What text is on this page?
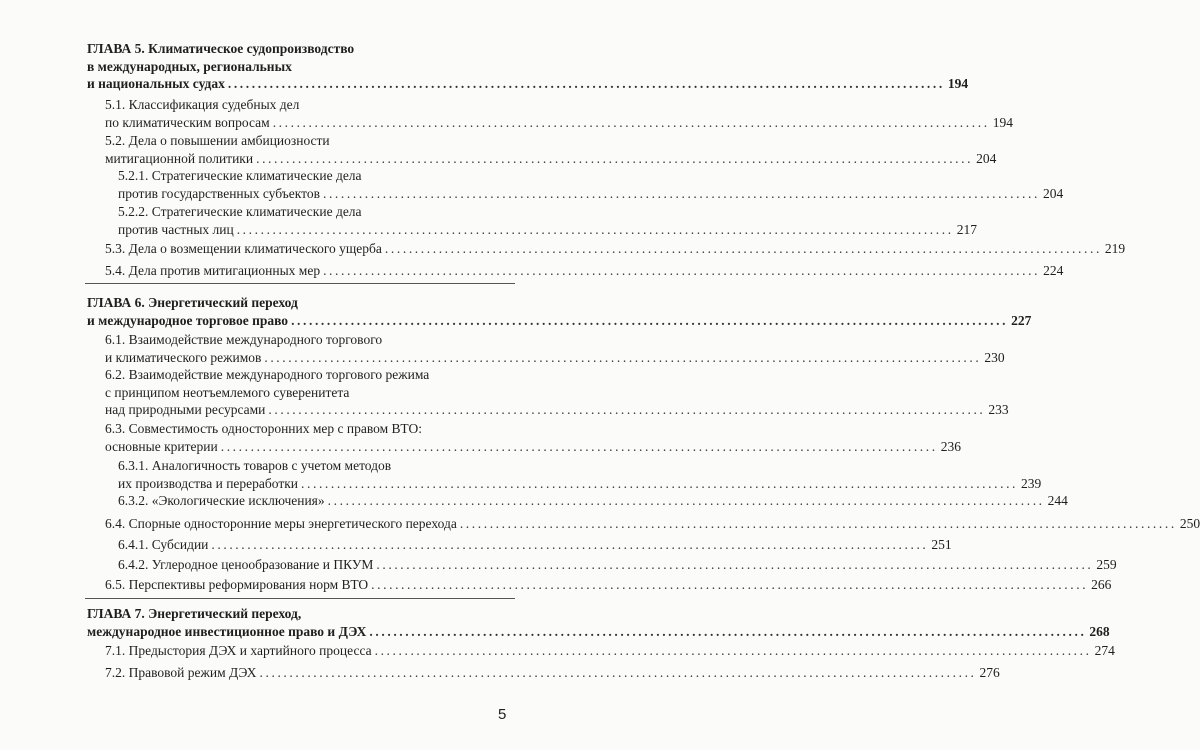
ГЛАВА 5. Климатическое судопроизводство
в международных, региональных
и национальных судах ........................................................................................................................ 194
5.1. Классификация судебных дел
по климатическим вопросам ........................................................................................................................ 194
5.2. Дела о повышении амбициозности
митигационной политики ........................................................................................................................ 204
5.2.1. Стратегические климатические дела
против государственных субъектов ........................................................................................................................ 204
5.2.2. Стратегические климатические дела
против частных лиц ........................................................................................................................ 217
5.3. Дела о возмещении климатического ущерба ........................................................................................................................ 219
5.4. Дела против митигационных мер ........................................................................................................................ 224
ГЛАВА 6. Энергетический переход
и международное торговое право ........................................................................................................................ 227
6.1. Взаимодействие международного торгового
и климатического режимов ........................................................................................................................ 230
6.2. Взаимодействие международного торгового режима
с принципом неотъемлемого суверенитета
над природными ресурсами ........................................................................................................................ 233
6.3. Совместимость односторонних мер с правом ВТО:
основные критерии ........................................................................................................................ 236
6.3.1. Аналогичность товаров с учетом методов
их производства и переработки ........................................................................................................................ 239
6.3.2. «Экологические исключения» ........................................................................................................................ 244
6.4. Спорные односторонние меры энергетического перехода ........................................................................................................................ 250
6.4.1. Субсидии ........................................................................................................................ 251
6.4.2. Углеродное ценообразование и ПКУМ ........................................................................................................................ 259
6.5. Перспективы реформирования норм ВТО ........................................................................................................................ 266
ГЛАВА 7. Энергетический переход,
международное инвестиционное право и ДЭХ ........................................................................................................................ 268
7.1. Предыстория ДЭХ и хартийного процесса ........................................................................................................................ 274
7.2. Правовой режим ДЭХ ........................................................................................................................ 276
5
